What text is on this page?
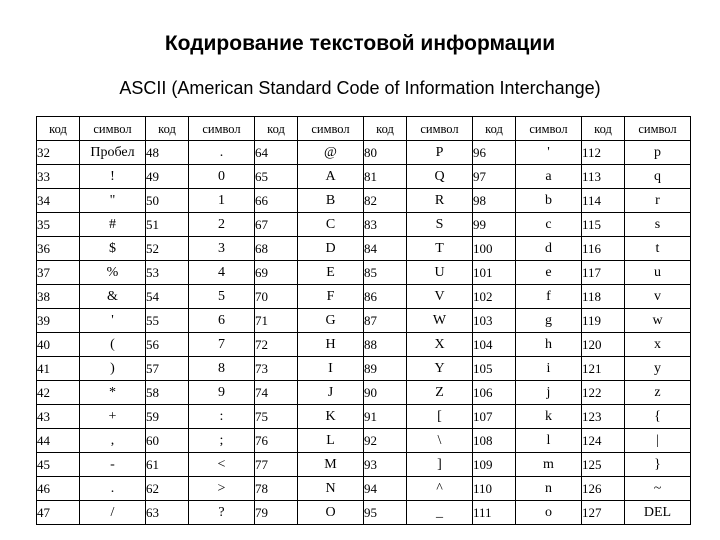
Кодирование текстовой информации
ASCII (American Standard Code of Information Interchange)
код	символ	код	символ	код	символ	код	символ	код	символ	код	символ
32	Пробел	48	.	64	@	80	P	96	'	112	p
33	!	49	0	65	A	81	Q	97	a	113	q
34	"	50	1	66	B	82	R	98	b	114	r
35	#	51	2	67	C	83	S	99	c	115	s
36	$	52	3	68	D	84	T	100	d	116	t
37	%	53	4	69	E	85	U	101	e	117	u
38	&	54	5	70	F	86	V	102	f	118	v
39	'	55	6	71	G	87	W	103	g	119	w
40	(	56	7	72	H	88	X	104	h	120	x
41	)	57	8	73	I	89	Y	105	i	121	y
42	*	58	9	74	J	90	Z	106	j	122	z
43	+	59	:	75	K	91	[	107	k	123	{
44	,	60	;	76	L	92	\	108	l	124	|
45	-	61	<	77	M	93	]	109	m	125	}
46	.	62	>	78	N	94	^	110	n	126	~
47	/	63	?	79	O	95	_	111	o	127	DEL
